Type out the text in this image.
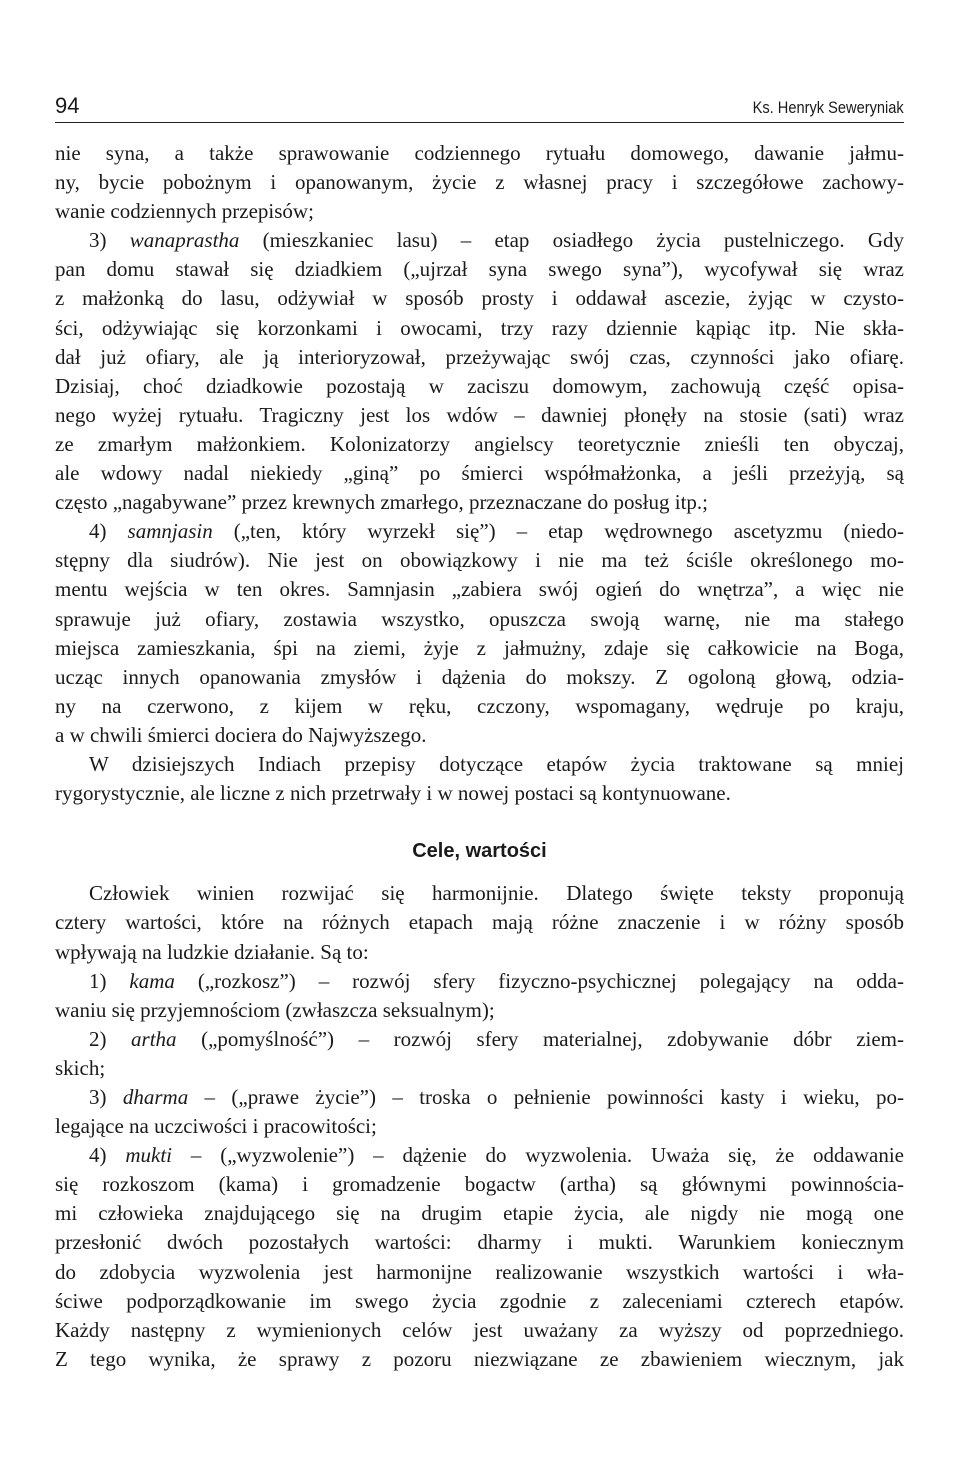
94	Ks. Henryk Seweryniak
nie syna, a także sprawowanie codziennego rytuału domowego, dawanie jałmu-
ny, bycie pobożnym i opanowanym, życie z własnej pracy i szczegółowe zachowy-
wanie codziennych przepisów;
3) wanaprastha (mieszkaniec lasu) – etap osiadłego życia pustelniczego. Gdy
pan domu stawał się dziadkiem („ujrzał syna swego syna”), wycofywał się wraz
z małżonką do lasu, odżywiał w sposób prosty i oddawał ascezie, żyjąc w czysto-
ści, odżywiając się korzonkami i owocami, trzy razy dziennie kąpiąc itp. Nie skła-
dał już ofiary, ale ją interioryzował, przeżywając swój czas, czynności jako ofiarę.
Dzisiaj, choć dziadkowie pozostają w zaciszu domowym, zachowują część opisa-
nego wyżej rytuału. Tragiczny jest los wdów – dawniej płonęły na stosie (sati) wraz
ze zmarłym małżonkiem. Kolonizatorzy angielscy teoretycznie znieśli ten obyczaj,
ale wdowy nadal niekiedy „giną” po śmierci współmałżonka, a jeśli przeżyją, są
często „nagabywane” przez krewnych zmarłego, przeznaczane do posług itp.;
4) samnjasin („ten, który wyrzekł się”) – etap wędrownego ascetyzmu (niedo-
stępny dla siudrów). Nie jest on obowiązkowy i nie ma też ściśle określonego mo-
mentu wejścia w ten okres. Samnjasin „zabiera swój ogień do wnętrza”, a więc nie
sprawuje już ofiary, zostawia wszystko, opuszcza swoją warnę, nie ma stałego
miejsca zamieszkania, śpi na ziemi, żyje z jałmużny, zdaje się całkowicie na Boga,
ucząc innych opanowania zmysłów i dążenia do mokszy. Z ogoloną głową, odzia-
ny na czerwono, z kijem w ręku, czczony, wspomagany, wędruje po kraju,
a w chwili śmierci dociera do Najwyższego.
W dzisiejszych Indiach przepisy dotyczące etapów życia traktowane są mniej
rygorystycznie, ale liczne z nich przetrwały i w nowej postaci są kontynuowane.
Cele, wartości
Człowiek winien rozwijać się harmonijnie. Dlatego święte teksty proponują
cztery wartości, które na różnych etapach mają różne znaczenie i w różny sposób
wpływają na ludzkie działanie. Są to:
1) kama („rozkosz”) – rozwój sfery fizyczno-psychicznej polegający na odda-
waniu się przyjemnościom (zwłaszcza seksualnym);
2) artha („pomyślność”) – rozwój sfery materialnej, zdobywanie dóbr ziem-
skich;
3) dharma – („prawe życie”) – troska o pełnienie powinności kasty i wieku, po-
legające na uczciwości i pracowitości;
4) mukti – („wyzwolenie”) – dążenie do wyzwolenia. Uważa się, że oddawanie
się rozkoszom (kama) i gromadzenie bogactw (artha) są głównymi powinnościa-
mi człowieka znajdującego się na drugim etapie życia, ale nigdy nie mogą one
przesłonić dwóch pozostałych wartości: dharmy i mukti. Warunkiem koniecznym
do zdobycia wyzwolenia jest harmonijne realizowanie wszystkich wartości i wła-
ściwe podporządkowanie im swego życia zgodnie z zaleceniami czterech etapów.
Każdy następny z wymienionych celów jest uważany za wyższy od poprzedniego.
Z tego wynika, że sprawy z pozoru niezwiązane ze zbawieniem wiecznym, jak
